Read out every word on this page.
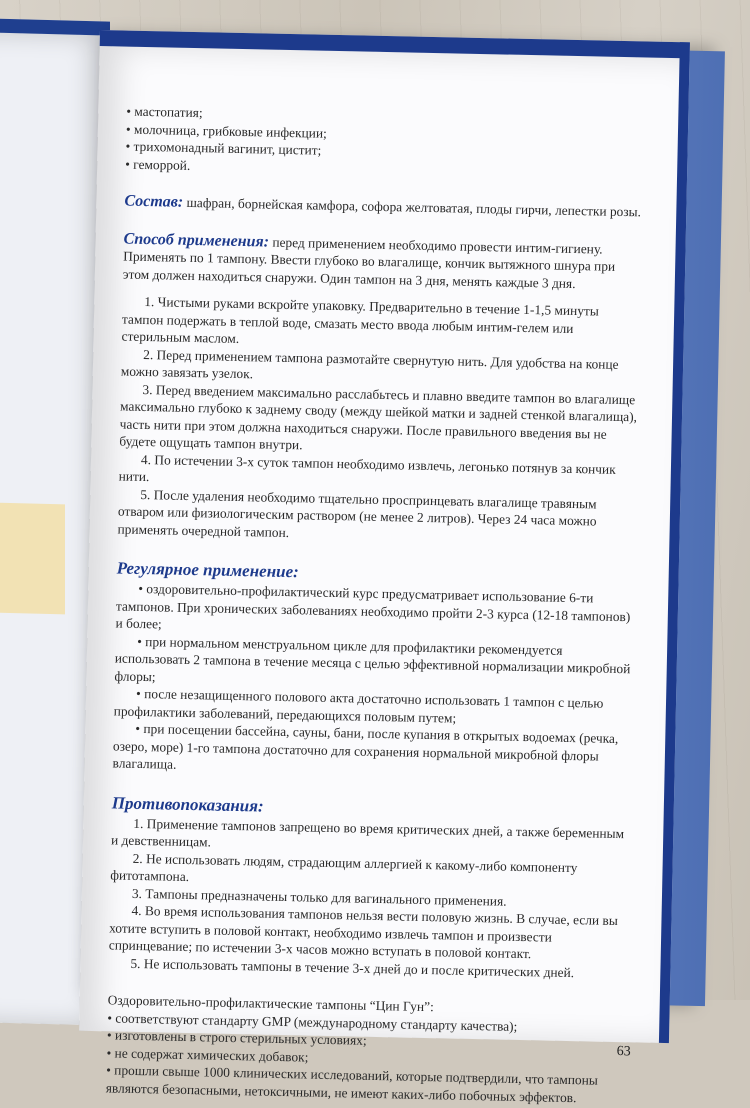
• мастопатия;
• молочница, грибковые инфекции;
• трихомонадный вагинит, цистит;
• геморрой.

Состав: шафран, борнейская камфора, софора желтоватая, плоды гирчи, лепестки розы.

Способ применения: перед применением необходимо провести интим-гигиену. Применять по 1 тампону. Ввести глубоко во влагалище, кончик вытяжного шнура при этом должен находиться снаружи. Один тампон на 3 дня, менять каждые 3 дня.

1. Чистыми руками вскройте упаковку. Предварительно в течение 1-1,5 минуты тампон подержать в теплой воде, смазать место ввода любым интим-гелем или стерильным маслом.

2. Перед применением тампона размотайте свернутую нить. Для удобства на конце можно завязать узелок.

3. Перед введением максимально расслабьтесь и плавно введите тампон во влагалище максимально глубоко к заднему своду (между шейкой матки и задней стенкой влагалища), часть нити при этом должна находиться снаружи. После правильного введения вы не будете ощущать тампон внутри.

4. По истечении 3-х суток тампон необходимо извлечь, легонько потянув за кончик нити.

5. После удаления необходимо тщательно проспринцевать влагалище травяным отваром или физиологическим раствором (не менее 2 литров). Через 24 часа можно применять очередной тампон.

Регулярное применение:
• оздоровительно-профилактический курс предусматривает использование 6-ти тампонов. При хронических заболеваниях необходимо пройти 2-3 курса (12-18 тампонов) и более;
• при нормальном менструальном цикле для профилактики рекомендуется использовать 2 тампона в течение месяца с целью эффективной нормализации микробной флоры;
• после незащищенного полового акта достаточно использовать 1 тампон с целью профилактики заболеваний, передающихся половым путем;
• при посещении бассейна, сауны, бани, после купания в открытых водоемах (речка, озеро, море) 1-го тампона достаточно для сохранения нормальной микробной флоры влагалища.
Противопоказания:

1. Применение тампонов запрещено во время критических дней, а также беременным и девственницам.

2. Не использовать людям, страдающим аллергией к какому-либо компоненту фитотампона.

3. Тампоны предназначены только для вагинального применения.

4. Во время использования тампонов нельзя вести половую жизнь. В случае, если вы хотите вступить в половой контакт, необходимо извлечь тампон и произвести спринцевание; по истечении 3-х часов можно вступать в половой контакт.

5. Не использовать тампоны в течение 3-х дней до и после критических дней.

Оздоровительно-профилактические тампоны “Цин Гун”:

• соответствуют стандарту GMP (международному стандарту качества);
• изготовлены в строго стерильных условиях;
• не содержат химических добавок;
• прошли свыше 1000 клинических исследований, которые подтвердили, что тампоны являются безопасными, нетоксичными, не имеют каких-либо побочных эффектов.
63
